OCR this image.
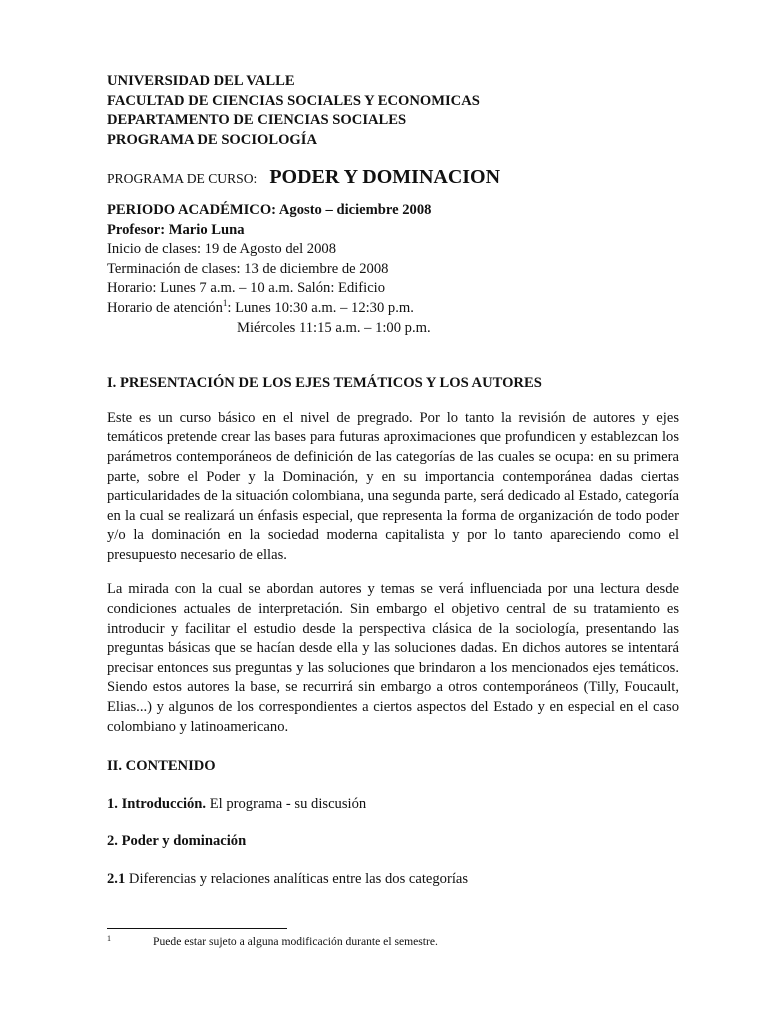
UNIVERSIDAD DEL VALLE
FACULTAD DE CIENCIAS SOCIALES Y ECONOMICAS
DEPARTAMENTO DE CIENCIAS SOCIALES
PROGRAMA DE SOCIOLOGÍA
PROGRAMA DE CURSO: PODER Y DOMINACION
PERIODO ACADÉMICO: Agosto – diciembre 2008
Profesor: Mario Luna
Inicio de clases: 19 de Agosto del 2008
Terminación de clases: 13 de diciembre de 2008
Horario: Lunes 7 a.m. – 10 a.m. Salón: Edificio
Horario de atención$^1$: Lunes 10:30 a.m. – 12:30 p.m.
Miércoles 11:15 a.m. – 1:00 p.m.
I. PRESENTACIÓN DE LOS EJES TEMÁTICOS Y LOS AUTORES
Este es un curso básico en el nivel de pregrado. Por lo tanto la revisión de autores y ejes temáticos pretende crear las bases para futuras aproximaciones que profundicen y establezcan los parámetros contemporáneos de definición de las categorías de las cuales se ocupa: en su primera parte, sobre el Poder y la Dominación, y en su importancia contemporánea dadas ciertas particularidades de la situación colombiana, una segunda parte, será dedicado al Estado, categoría en la cual se realizará un énfasis especial, que representa la forma de organización de todo poder y/o la dominación en la sociedad moderna capitalista y por lo tanto apareciendo como el presupuesto necesario de ellas.
La mirada con la cual se abordan autores y temas se verá influenciada por una lectura desde condiciones actuales de interpretación. Sin embargo el objetivo central de su tratamiento es introducir y facilitar el estudio desde la perspectiva clásica de la sociología, presentando las preguntas básicas que se hacían desde ella y las soluciones dadas. En dichos autores se intentará precisar entonces sus preguntas y las soluciones que brindaron a los mencionados ejes temáticos. Siendo estos autores la base, se recurrirá sin embargo a otros contemporáneos (Tilly, Foucault, Elias...) y algunos de los correspondientes a ciertos aspectos del Estado y en especial en el caso colombiano y latinoamericano.
II. CONTENIDO
1. Introducción. El programa - su discusión
2. Poder y dominación
2.1 Diferencias y relaciones analíticas entre las dos categorías
1	Puede estar sujeto a alguna modificación durante el semestre.
